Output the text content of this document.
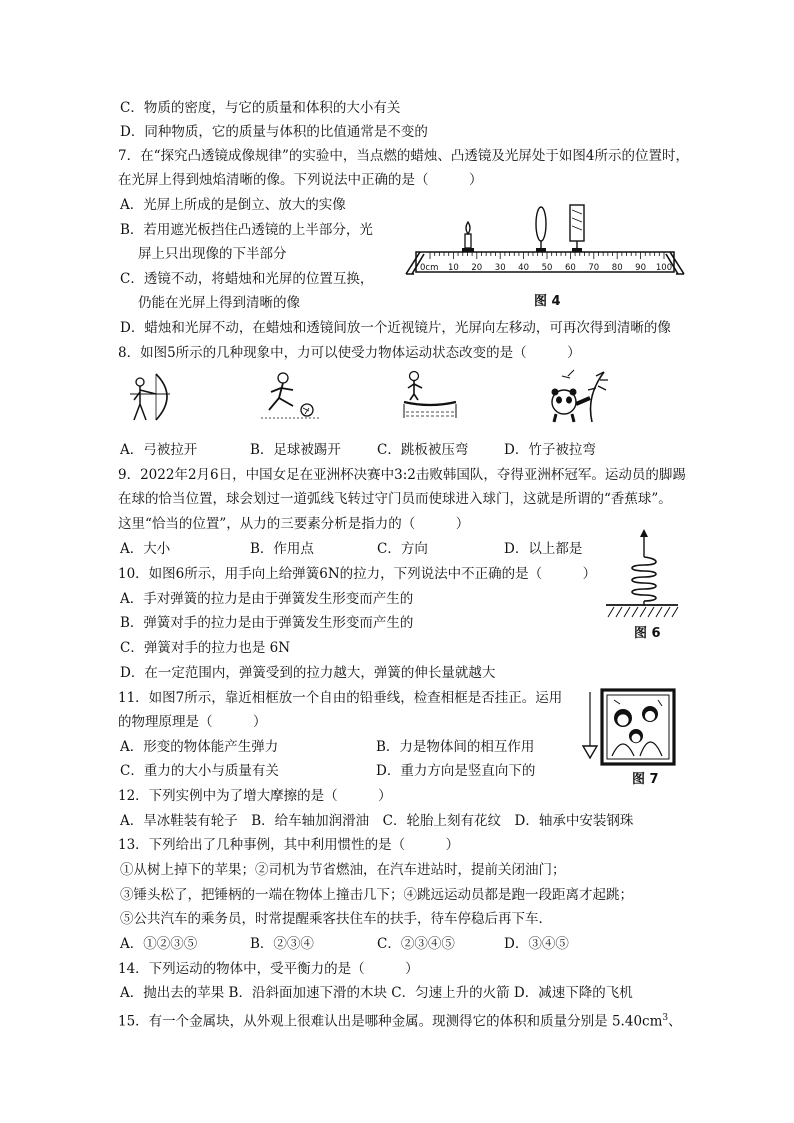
C．物质的密度，与它的质量和体积的大小有关
D．同种物质，它的质量与体积的比值通常是不变的
7．在“探究凸透镜成像规律”的实验中，当点燃的蜡烛、凸透镜及光屏处于如图4所示的位置时，
在光屏上得到烛焰清晰的像。下列说法中正确的是（　　　）
A．光屏上所成的是倒立、放大的实像
B．若用遮光板挡住凸透镜的上半部分，光
屏上只出现像的下半部分
C．透镜不动，将蜡烛和光屏的位置互换，
仍能在光屏上得到清晰的像
D．蜡烛和光屏不动，在蜡烛和透镜间放一个近视镜片，光屏向左移动，可再次得到清晰的像
0cm 10 20 30 40 50 60 70 80 90 100
图 4
8．如图5所示的几种现象中，力可以使受力物体运动状态改变的是（　　　）
A．弓被拉开	B．足球被踢开	C．跳板被压弯	D．竹子被拉弯
9．2022年2月6日，中国女足在亚洲杯决赛中3:2击败韩国队，夺得亚洲杯冠军。运动员的脚踢
在球的恰当位置，球会划过一道弧线飞转过守门员而使球进入球门，这就是所谓的“香蕉球”。
这里“恰当的位置”，从力的三要素分析是指力的（　　　）
A．大小	B．作用点	C．方向	D．以上都是
图 6
10．如图6所示，用手向上给弹簧6N的拉力，下列说法中不正确的是（　　　）
A．手对弹簧的拉力是由于弹簧发生形变而产生的
B．弹簧对手的拉力是由于弹簧发生形变而产生的
C．弹簧对手的拉力也是 6N
D．在一定范围内，弹簧受到的拉力越大，弹簧的伸长量就越大
11．如图7所示，靠近相框放一个自由的铅垂线，检查相框是否挂正。运用
的物理原理是（　　　）
A．形变的物体能产生弹力	B．力是物体间的相互作用
C．重力的大小与质量有关	D．重力方向是竖直向下的
图 7
12．下列实例中为了增大摩擦的是（　　　）
A．旱冰鞋装有轮子　B．给车轴加润滑油　C．轮胎上刻有花纹　D．轴承中安装钢珠
13．下列给出了几种事例，其中利用惯性的是（　　　）
①从树上掉下的苹果；②司机为节省燃油，在汽车进站时，提前关闭油门；
③锤头松了，把锤柄的一端在物体上撞击几下；④跳远运动员都是跑一段距离才起跳；
⑤公共汽车的乘务员，时常提醒乘客扶住车的扶手，待车停稳后再下车．
A．①②③⑤	B．②③④	C．②③④⑤	D．③④⑤
14．下列运动的物体中，受平衡力的是（　　　）
A．抛出去的苹果 B．沿斜面加速下滑的木块 C．匀速上升的火箭 D．减速下降的飞机
15．有一个金属块，从外观上很难认出是哪种金属。现测得它的体积和质量分别是 $5.40cm^3$、
